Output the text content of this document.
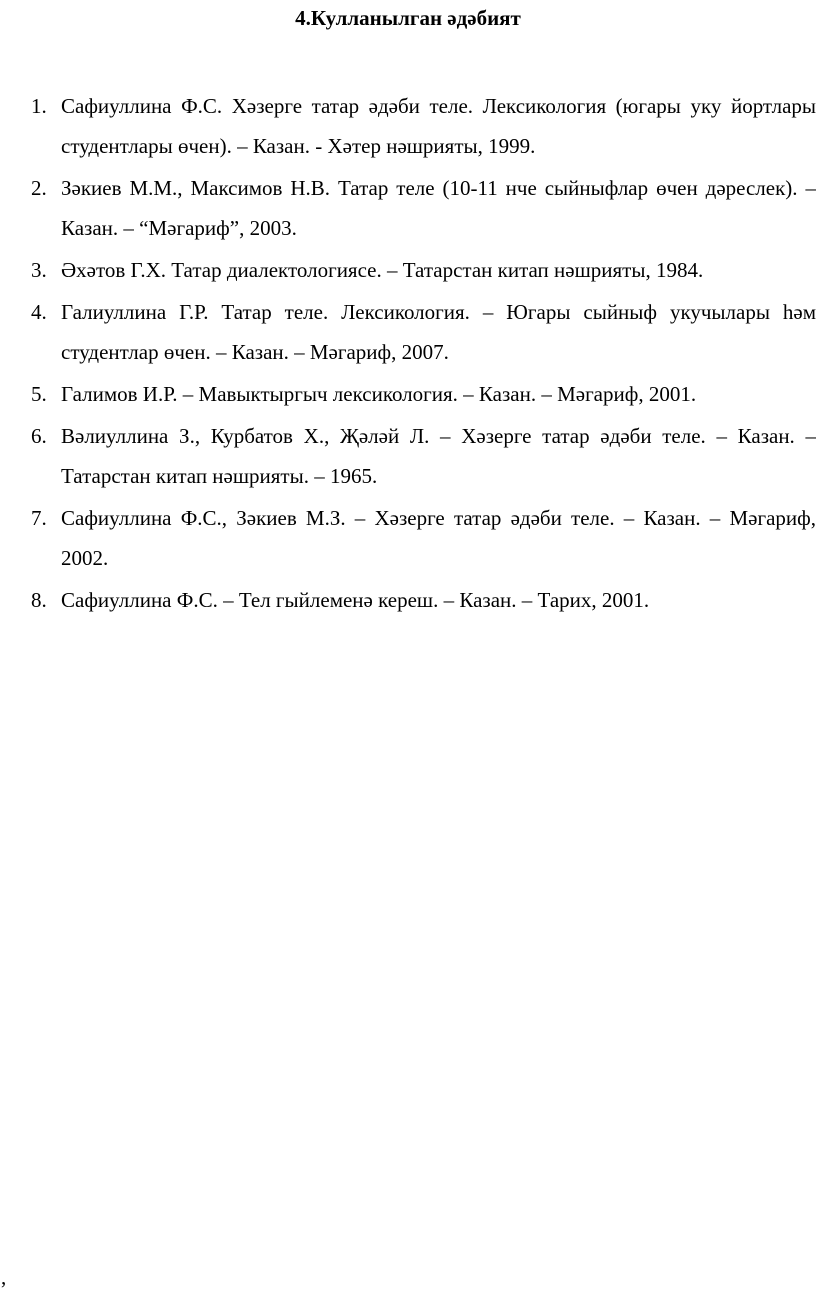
4.Кулланылган әдәбият
1. Сафиуллина Ф.С. Хәзерге татар әдәби теле. Лексикология (югары уку йортлары студентлары өчен). – Казан. - Хәтер нәшрияты, 1999.
2. Зәкиев М.М., Максимов Н.В. Татар теле (10-11 нче сыйныфлар өчен дәреслек). – Казан. – “Мәгариф”, 2003.
3. Әхәтов Г.Х. Татар диалектологиясе. – Татарстан китап нәшрияты, 1984.
4. Галиуллина Г.Р. Татар теле. Лексикология. – Югары сыйныф укучылары һәм студентлар өчен. – Казан. – Мәгариф, 2007.
5. Галимов И.Р. – Мавыктыргыч лексикология. – Казан. – Мәгариф, 2001.
6. Вәлиуллина З., Курбатов Х., Җәләй Л. – Хәзерге татар әдәби теле. – Казан. – Татарстан китап нәшрияты. – 1965.
7. Сафиуллина Ф.С., Зәкиев М.З. – Хәзерге татар әдәби теле. – Казан. – Мәгариф, 2002.
8. Сафиуллина Ф.С. – Тел гыйлеменә кереш. – Казан. – Тарих, 2001.
,
